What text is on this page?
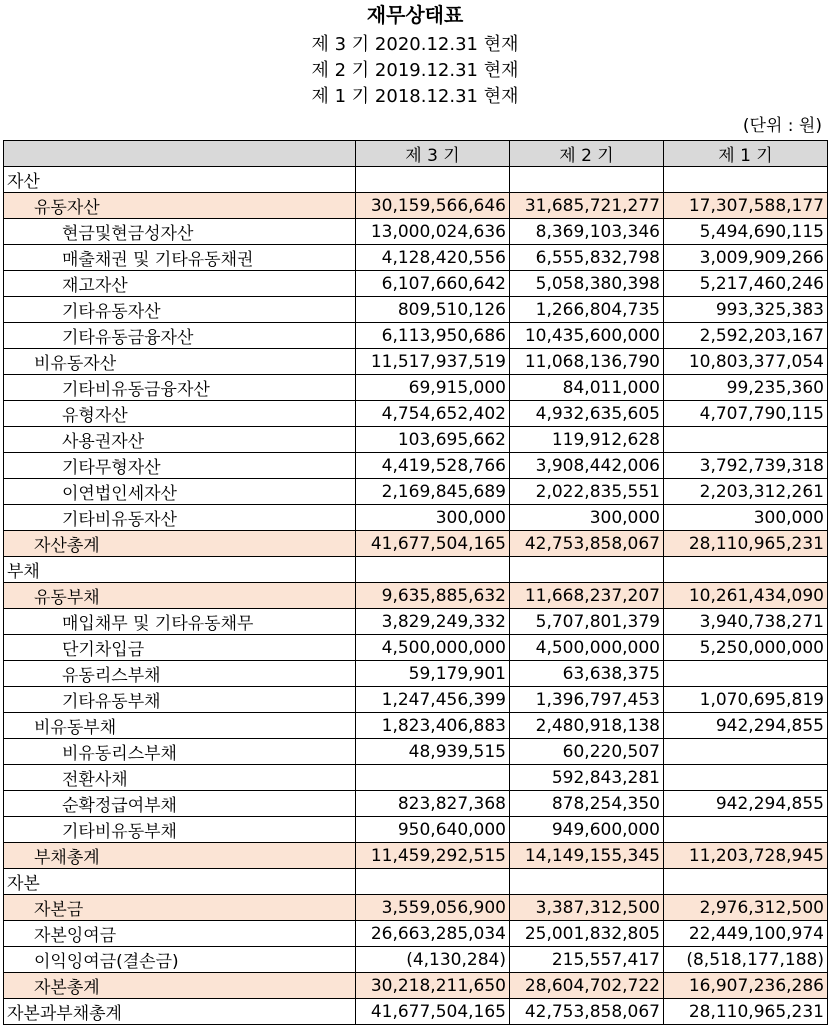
재무상태표
제 3 기 2020.12.31 현재
제 2 기 2019.12.31 현재
제 1 기 2018.12.31 현재
(단위 : 원)
	제 3 기	제 2 기	제 1 기
자산			
유동자산	30,159,566,646	31,685,721,277	17,307,588,177
현금및현금성자산	13,000,024,636	8,369,103,346	5,494,690,115
매출채권 및 기타유동채권	4,128,420,556	6,555,832,798	3,009,909,266
재고자산	6,107,660,642	5,058,380,398	5,217,460,246
기타유동자산	809,510,126	1,266,804,735	993,325,383
기타유동금융자산	6,113,950,686	10,435,600,000	2,592,203,167
비유동자산	11,517,937,519	11,068,136,790	10,803,377,054
기타비유동금융자산	69,915,000	84,011,000	99,235,360
유형자산	4,754,652,402	4,932,635,605	4,707,790,115
사용권자산	103,695,662	119,912,628	
기타무형자산	4,419,528,766	3,908,442,006	3,792,739,318
이연법인세자산	2,169,845,689	2,022,835,551	2,203,312,261
기타비유동자산	300,000	300,000	300,000
자산총계	41,677,504,165	42,753,858,067	28,110,965,231
부채			
유동부채	9,635,885,632	11,668,237,207	10,261,434,090
매입채무 및 기타유동채무	3,829,249,332	5,707,801,379	3,940,738,271
단기차입금	4,500,000,000	4,500,000,000	5,250,000,000
유동리스부채	59,179,901	63,638,375	
기타유동부채	1,247,456,399	1,396,797,453	1,070,695,819
비유동부채	1,823,406,883	2,480,918,138	942,294,855
비유동리스부채	48,939,515	60,220,507	
전환사채		592,843,281	
순확정급여부채	823,827,368	878,254,350	942,294,855
기타비유동부채	950,640,000	949,600,000	
부채총계	11,459,292,515	14,149,155,345	11,203,728,945
자본			
자본금	3,559,056,900	3,387,312,500	2,976,312,500
자본잉여금	26,663,285,034	25,001,832,805	22,449,100,974
이익잉여금(결손금)	(4,130,284)	215,557,417	(8,518,177,188)
자본총계	30,218,211,650	28,604,702,722	16,907,236,286
자본과부채총계	41,677,504,165	42,753,858,067	28,110,965,231
